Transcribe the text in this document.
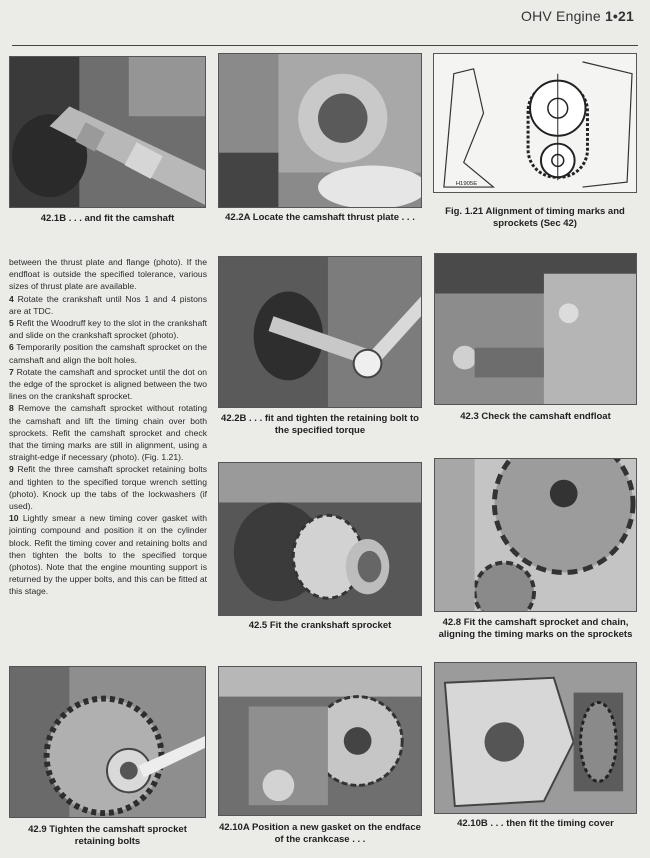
OHV Engine 1•21
42.1B . . . and fit the camshaft	42.2A Locate the camshaft thrust plate . . .
H1905E
Fig. 1.21 Alignment of timing marks and sprockets (Sec 42)

between the thrust plate and flange (photo). If the endfloat is outside the specified tolerance, various sizes of thrust plate are available.

4 Rotate the crankshaft until Nos 1 and 4 pistons are at TDC.

5 Refit the Woodruff key to the slot in the crankshaft and slide on the crankshaft sprocket (photo).

6 Temporarily position the camshaft sprocket on the camshaft and align the bolt holes.

7 Rotate the camshaft and sprocket until the dot on the edge of the sprocket is aligned between the two lines on the crankshaft sprocket.

8 Remove the camshaft sprocket without rotating the camshaft and lift the timing chain over both sprockets. Refit the camshaft sprocket and check that the timing marks are still in alignment, using a straight-edge if necessary (photo). (Fig. 1.21).

9 Refit the three camshaft sprocket retaining bolts and tighten to the specified torque wrench setting (photo). Knock up the tabs of the lockwashers (if used).

10 Lightly smear a new timing cover gasket with jointing compound and position it on the cylinder block. Refit the timing cover and retaining bolts and then tighten the bolts to the specified torque (photos). Note that the engine mounting support is returned by the upper bolts, and this can be fitted at this stage.

42.2B . . . fit and tighten the retaining bolt to the specified torque
42.3 Check the camshaft endfloat
42.5 Fit the crankshaft sprocket	42.8 Fit the camshaft sprocket and chain, aligning the timing marks on the sprockets
42.9 Tighten the camshaft sprocket retaining bolts
42.10A Position a new gasket on the endface of the crankcase . . .
42.10B . . . then fit the timing cover
